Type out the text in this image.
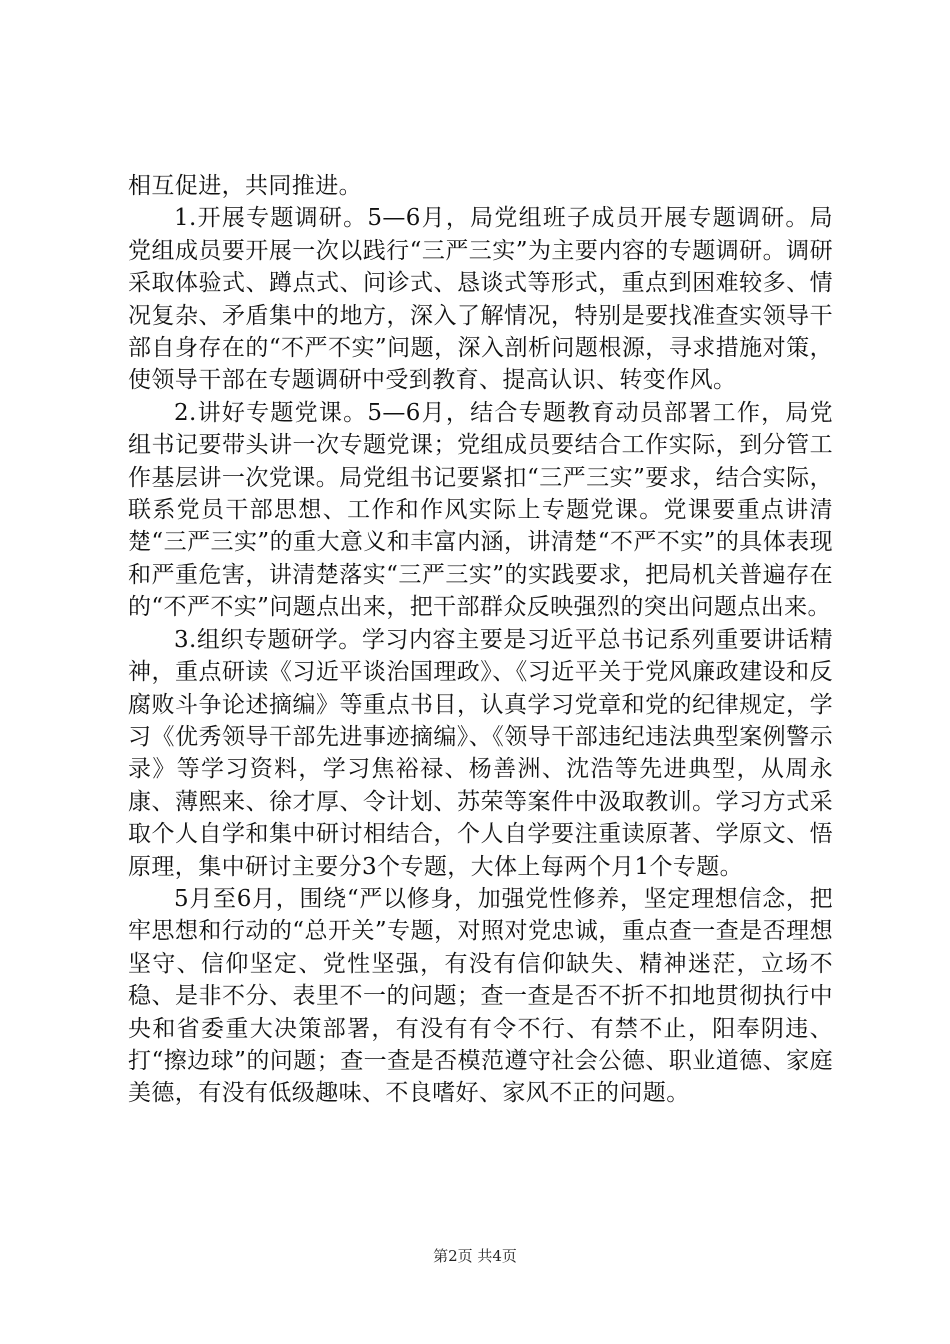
相互促进，共同推进。

1.开展专题调研。5—6月，局党组班子成员开展专题调研。局党组成员要开展一次以践行“三严三实”为主要内容的专题调研。调研采取体验式、蹲点式、问诊式、恳谈式等形式，重点到困难较多、情况复杂、矛盾集中的地方，深入了解情况，特别是要找准查实领导干部自身存在的“不严不实”问题，深入剖析问题根源，寻求措施对策，使领导干部在专题调研中受到教育、提高认识、转变作风。

2.讲好专题党课。5—6月，结合专题教育动员部署工作，局党组书记要带头讲一次专题党课；党组成员要结合工作实际，到分管工作基层讲一次党课。局党组书记要紧扣“三严三实”要求，结合实际，联系党员干部思想、工作和作风实际上专题党课。党课要重点讲清楚“三严三实”的重大意义和丰富内涵，讲清楚“不严不实”的具体表现和严重危害，讲清楚落实“三严三实”的实践要求，把局机关普遍存在的“不严不实”问题点出来，把干部群众反映强烈的突出问题点出来。

3.组织专题研学。学习内容主要是习近平总书记系列重要讲话精神，重点研读《习近平谈治国理政》、《习近平关于党风廉政建设和反腐败斗争论述摘编》等重点书目，认真学习党章和党的纪律规定，学习《优秀领导干部先进事迹摘编》、《领导干部违纪违法典型案例警示录》等学习资料，学习焦裕禄、杨善洲、沈浩等先进典型，从周永康、薄熙来、徐才厚、令计划、苏荣等案件中汲取教训。学习方式采取个人自学和集中研讨相结合，个人自学要注重读原著、学原文、悟原理，集中研讨主要分3个专题，大体上每两个月1个专题。

5月至6月，围绕“严以修身，加强党性修养，坚定理想信念，把牢思想和行动的“总开关”专题，对照对党忠诚，重点查一查是否理想坚守、信仰坚定、党性坚强，有没有信仰缺失、精神迷茫，立场不稳、是非不分、表里不一的问题；查一查是否不折不扣地贯彻执行中央和省委重大决策部署，有没有有令不行、有禁不止，阳奉阴违、打“擦边球”的问题；查一查是否模范遵守社会公德、职业道德、家庭美德，有没有低级趣味、不良嗜好、家风不正的问题。

第2页 共4页
